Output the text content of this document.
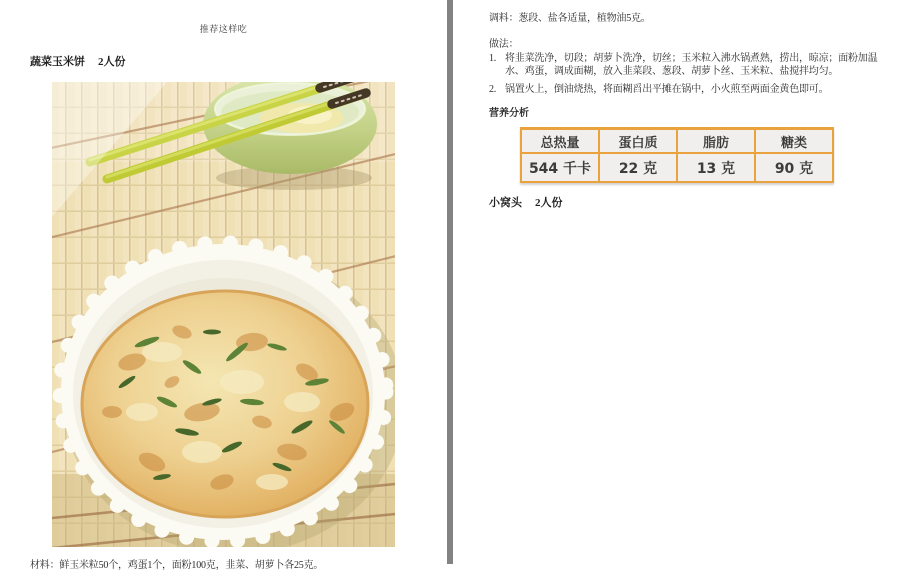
推荐这样吃
蔬菜玉米饼 2人份
材料：鲜玉米粒50个，鸡蛋1个，面粉100克，韭菜、胡萝卜各25克。
调料：葱段、盐各适量，植物油5克。
做法：
1. 将韭菜洗净，切段；胡萝卜洗净，切丝；玉米粒入沸水锅煮熟，捞出，晾凉；面粉加温水、鸡蛋，调成面糊，放入韭菜段、葱段、胡萝卜丝、玉米粒、盐搅拌均匀。
2. 锅置火上，倒油烧热，将面糊舀出平摊在锅中，小火煎至两面金黄色即可。
营养分析
总热量	蛋白质	脂肪	糖类
544 千卡	22 克	13 克	90 克
小窝头 2人份
